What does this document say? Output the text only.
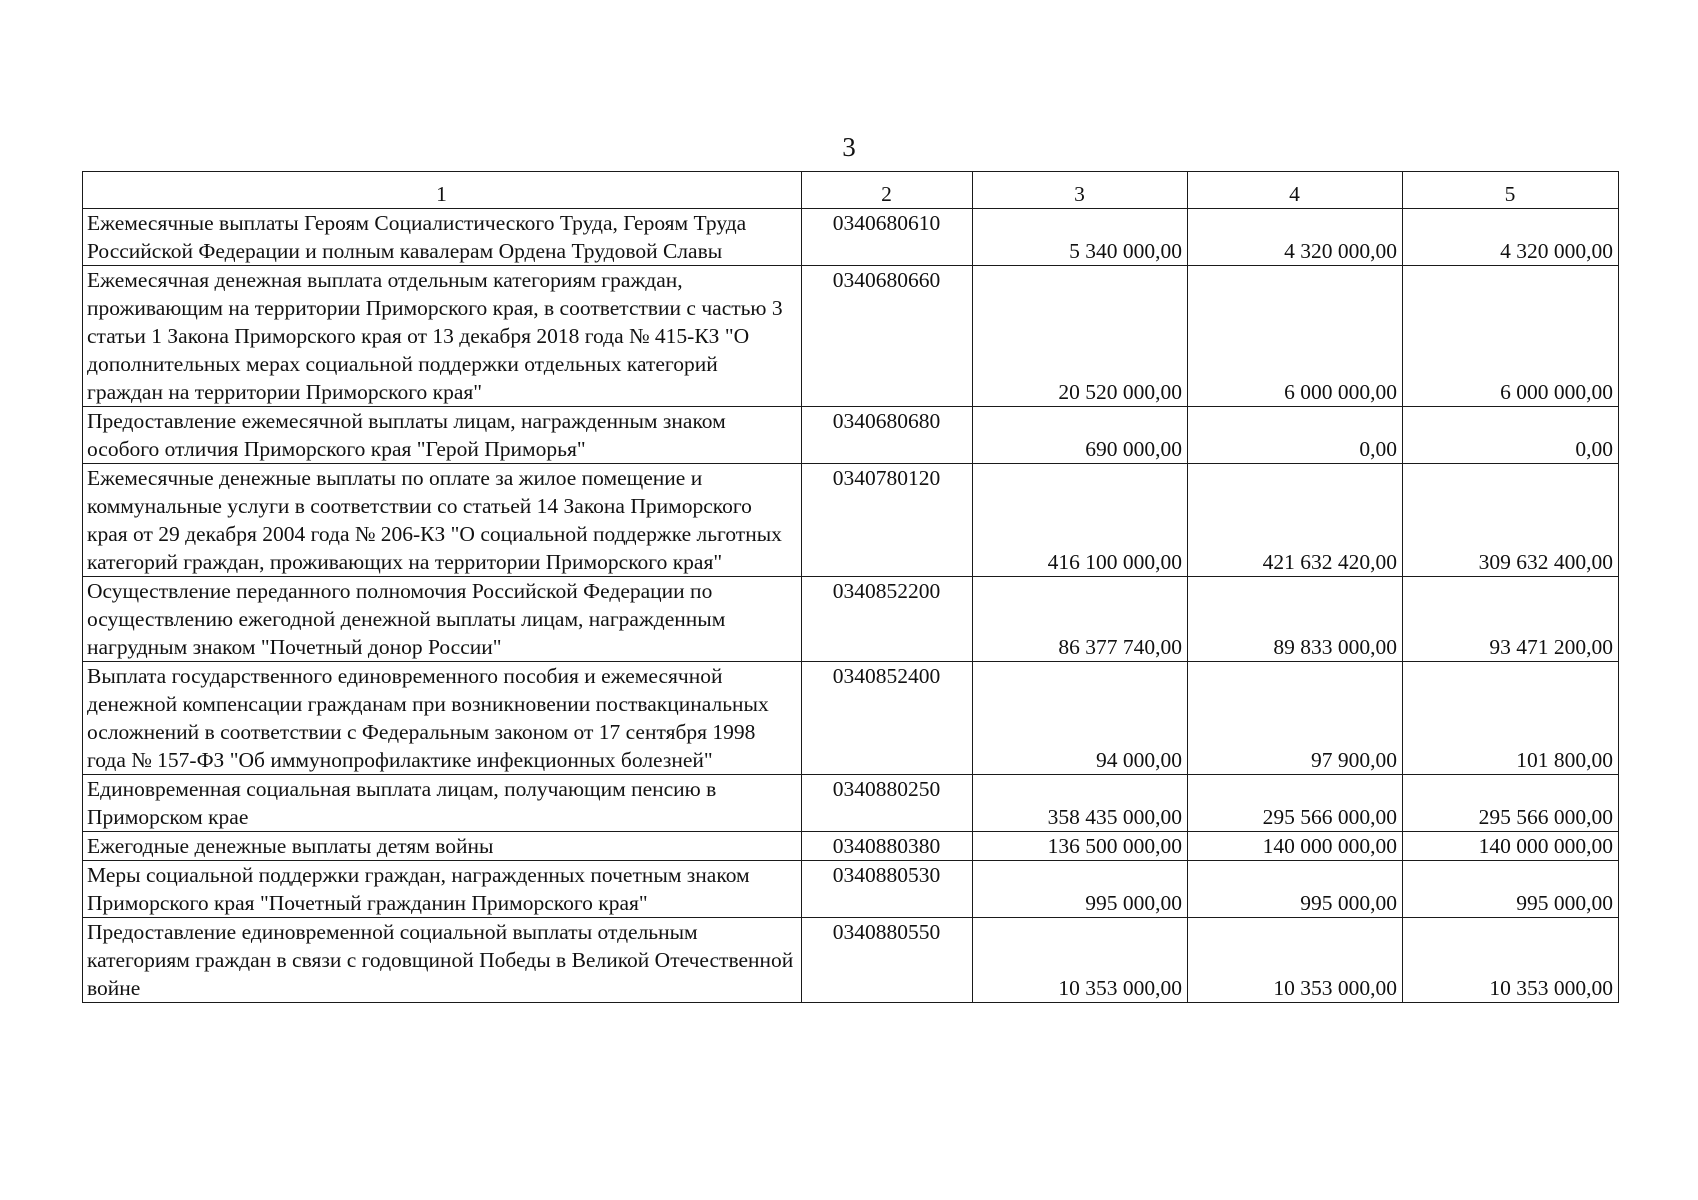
3
1	2	3	4	5
Ежемесячные выплаты Героям Социалистического Труда, Героям Труда Российской Федерации и полным кавалерам Ордена Трудовой Славы	0340680610	5 340 000,00	4 320 000,00	4 320 000,00
Ежемесячная денежная выплата отдельным категориям граждан, проживающим на территории Приморского края, в соответствии с частью 3 статьи 1 Закона Приморского края от 13 декабря 2018 года № 415-КЗ "О дополнительных мерах социальной поддержки отдельных категорий граждан на территории Приморского края"	0340680660	20 520 000,00	6 000 000,00	6 000 000,00
Предоставление ежемесячной выплаты лицам, награжденным знаком особого отличия Приморского края "Герой Приморья"	0340680680	690 000,00	0,00	0,00
Ежемесячные денежные выплаты по оплате за жилое помещение и коммунальные услуги в соответствии со статьей 14 Закона Приморского края от 29 декабря 2004 года № 206-КЗ "О социальной поддержке льготных категорий граждан, проживающих на территории Приморского края"	0340780120	416 100 000,00	421 632 420,00	309 632 400,00
Осуществление переданного полномочия Российской Федерации по осуществлению ежегодной денежной выплаты лицам, награжденным нагрудным знаком "Почетный донор России"	0340852200	86 377 740,00	89 833 000,00	93 471 200,00
Выплата государственного единовременного пособия и ежемесячной денежной компенсации гражданам при возникновении поствакцинальных осложнений в соответствии с Федеральным законом от 17 сентября 1998 года № 157-ФЗ "Об иммунопрофилактике инфекционных болезней"	0340852400	94 000,00	97 900,00	101 800,00
Единовременная социальная выплата лицам, получающим пенсию в Приморском крае	0340880250	358 435 000,00	295 566 000,00	295 566 000,00
Ежегодные денежные выплаты детям войны	0340880380	136 500 000,00	140 000 000,00	140 000 000,00
Меры социальной поддержки граждан, награжденных почетным знаком Приморского края "Почетный гражданин Приморского края"	0340880530	995 000,00	995 000,00	995 000,00
Предоставление единовременной социальной выплаты отдельным категориям граждан в связи с годовщиной Победы в Великой Отечественной войне	0340880550	10 353 000,00	10 353 000,00	10 353 000,00
